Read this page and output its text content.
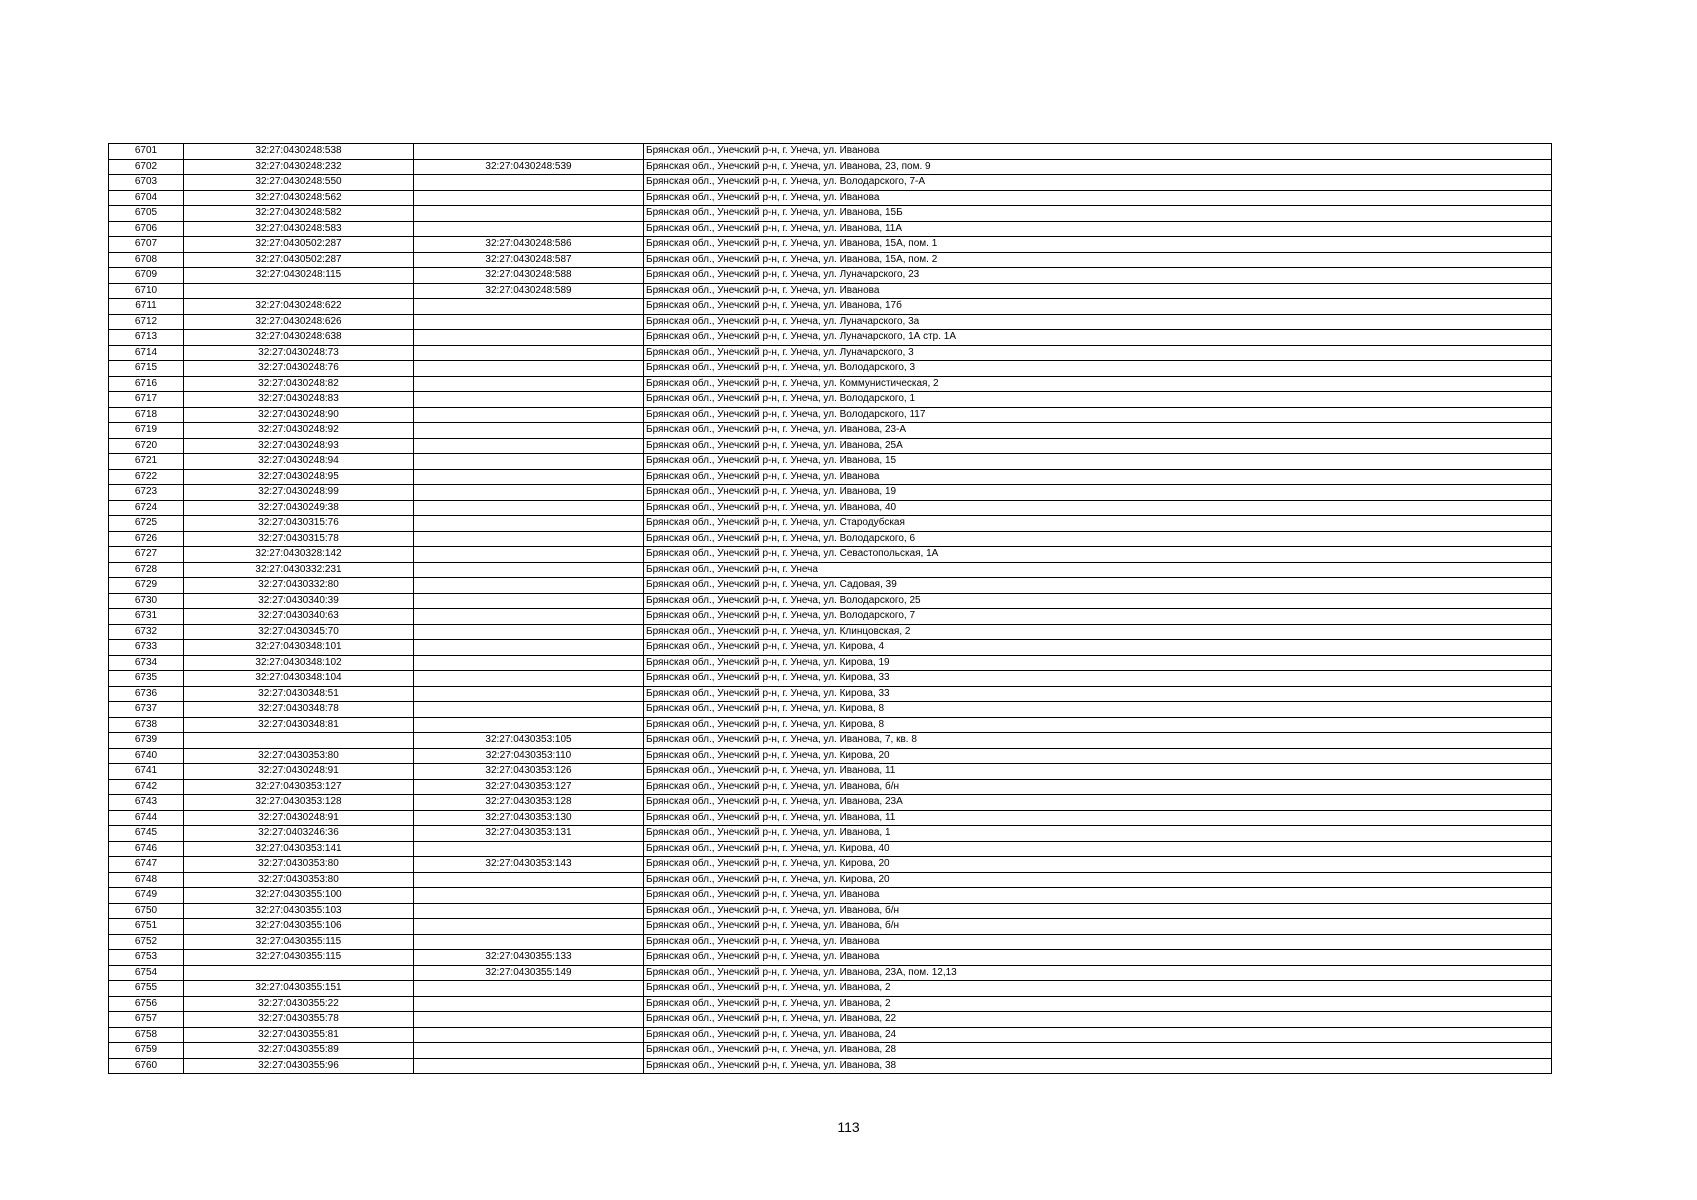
6701	32:27:0430248:538		Брянская обл., Унечский р-н, г. Унеча, ул. Иванова
6702	32:27:0430248:232	32:27:0430248:539	Брянская обл., Унечский р-н, г. Унеча, ул. Иванова, 23, пом. 9
6703	32:27:0430248:550		Брянская обл., Унечский р-н, г. Унеча, ул. Володарского, 7-А
6704	32:27:0430248:562		Брянская обл., Унечский р-н, г. Унеча, ул. Иванова
6705	32:27:0430248:582		Брянская обл., Унечский р-н, г. Унеча, ул. Иванова, 15Б
6706	32:27:0430248:583		Брянская обл., Унечский р-н, г. Унеча, ул. Иванова, 11А
6707	32:27:0430502:287	32:27:0430248:586	Брянская обл., Унечский р-н, г. Унеча, ул. Иванова, 15А, пом. 1
6708	32:27:0430502:287	32:27:0430248:587	Брянская обл., Унечский р-н, г. Унеча, ул. Иванова, 15А, пом. 2
6709	32:27:0430248:115	32:27:0430248:588	Брянская обл., Унечский р-н, г. Унеча, ул. Луначарского, 23
6710		32:27:0430248:589	Брянская обл., Унечский р-н, г. Унеча, ул. Иванова
6711	32:27:0430248:622		Брянская обл., Унечский р-н, г. Унеча, ул. Иванова, 17б
6712	32:27:0430248:626		Брянская обл., Унечский р-н, г. Унеча, ул. Луначарского, 3а
6713	32:27:0430248:638		Брянская обл., Унечский р-н, г. Унеча, ул. Луначарского, 1А стр. 1А
6714	32:27:0430248:73		Брянская обл., Унечский р-н, г. Унеча, ул. Луначарского, 3
6715	32:27:0430248:76		Брянская обл., Унечский р-н, г. Унеча, ул. Володарского, 3
6716	32:27:0430248:82		Брянская обл., Унечский р-н, г. Унеча, ул. Коммунистическая, 2
6717	32:27:0430248:83		Брянская обл., Унечский р-н, г. Унеча, ул. Володарского, 1
6718	32:27:0430248:90		Брянская обл., Унечский р-н, г. Унеча, ул. Володарского, 117
6719	32:27:0430248:92		Брянская обл., Унечский р-н, г. Унеча, ул. Иванова, 23-А
6720	32:27:0430248:93		Брянская обл., Унечский р-н, г. Унеча, ул. Иванова, 25А
6721	32:27:0430248:94		Брянская обл., Унечский р-н, г. Унеча, ул. Иванова, 15
6722	32:27:0430248:95		Брянская обл., Унечский р-н, г. Унеча, ул. Иванова
6723	32:27:0430248:99		Брянская обл., Унечский р-н, г. Унеча, ул. Иванова, 19
6724	32:27:0430249:38		Брянская обл., Унечский р-н, г. Унеча, ул. Иванова, 40
6725	32:27:0430315:76		Брянская обл., Унечский р-н, г. Унеча, ул. Стародубская
6726	32:27:0430315:78		Брянская обл., Унечский р-н, г. Унеча, ул. Володарского, 6
6727	32:27:0430328:142		Брянская обл., Унечский р-н, г. Унеча, ул. Севастопольская, 1А
6728	32:27:0430332:231		Брянская обл., Унечский р-н, г. Унеча
6729	32:27:0430332:80		Брянская обл., Унечский р-н, г. Унеча, ул. Садовая, 39
6730	32:27:0430340:39		Брянская обл., Унечский р-н, г. Унеча, ул. Володарского, 25
6731	32:27:0430340:63		Брянская обл., Унечский р-н, г. Унеча, ул. Володарского, 7
6732	32:27:0430345:70		Брянская обл., Унечский р-н, г. Унеча, ул. Клинцовская, 2
6733	32:27:0430348:101		Брянская обл., Унечский р-н, г. Унеча, ул. Кирова, 4
6734	32:27:0430348:102		Брянская обл., Унечский р-н, г. Унеча, ул. Кирова, 19
6735	32:27:0430348:104		Брянская обл., Унечский р-н, г. Унеча, ул. Кирова, 33
6736	32:27:0430348:51		Брянская обл., Унечский р-н, г. Унеча, ул. Кирова, 33
6737	32:27:0430348:78		Брянская обл., Унечский р-н, г. Унеча, ул. Кирова, 8
6738	32:27:0430348:81		Брянская обл., Унечский р-н, г. Унеча, ул. Кирова, 8
6739		32:27:0430353:105	Брянская обл., Унечский р-н, г. Унеча, ул. Иванова, 7, кв. 8
6740	32:27:0430353:80	32:27:0430353:110	Брянская обл., Унечский р-н, г. Унеча, ул. Кирова, 20
6741	32:27:0430248:91	32:27:0430353:126	Брянская обл., Унечский р-н, г. Унеча, ул. Иванова, 11
6742	32:27:0430353:127	32:27:0430353:127	Брянская обл., Унечский р-н, г. Унеча, ул. Иванова, б/н
6743	32:27:0430353:128	32:27:0430353:128	Брянская обл., Унечский р-н, г. Унеча, ул. Иванова, 23А
6744	32:27:0430248:91	32:27:0430353:130	Брянская обл., Унечский р-н, г. Унеча, ул. Иванова, 11
6745	32:27:0403246:36	32:27:0430353:131	Брянская обл., Унечский р-н, г. Унеча, ул. Иванова, 1
6746	32:27:0430353:141		Брянская обл., Унечский р-н, г. Унеча, ул. Кирова, 40
6747	32:27:0430353:80	32:27:0430353:143	Брянская обл., Унечский р-н, г. Унеча, ул. Кирова, 20
6748	32:27:0430353:80		Брянская обл., Унечский р-н, г. Унеча, ул. Кирова, 20
6749	32:27:0430355:100		Брянская обл., Унечский р-н, г. Унеча, ул. Иванова
6750	32:27:0430355:103		Брянская обл., Унечский р-н, г. Унеча, ул. Иванова, б/н
6751	32:27:0430355:106		Брянская обл., Унечский р-н, г. Унеча, ул. Иванова, б/н
6752	32:27:0430355:115		Брянская обл., Унечский р-н, г. Унеча, ул. Иванова
6753	32:27:0430355:115	32:27:0430355:133	Брянская обл., Унечский р-н, г. Унеча, ул. Иванова
6754		32:27:0430355:149	Брянская обл., Унечский р-н, г. Унеча, ул. Иванова, 23А, пом. 12,13
6755	32:27:0430355:151		Брянская обл., Унечский р-н, г. Унеча, ул. Иванова, 2
6756	32:27:0430355:22		Брянская обл., Унечский р-н, г. Унеча, ул. Иванова, 2
6757	32:27:0430355:78		Брянская обл., Унечский р-н, г. Унеча, ул. Иванова, 22
6758	32:27:0430355:81		Брянская обл., Унечский р-н, г. Унеча, ул. Иванова, 24
6759	32:27:0430355:89		Брянская обл., Унечский р-н, г. Унеча, ул. Иванова, 28
6760	32:27:0430355:96		Брянская обл., Унечский р-н, г. Унеча, ул. Иванова, 38
113
